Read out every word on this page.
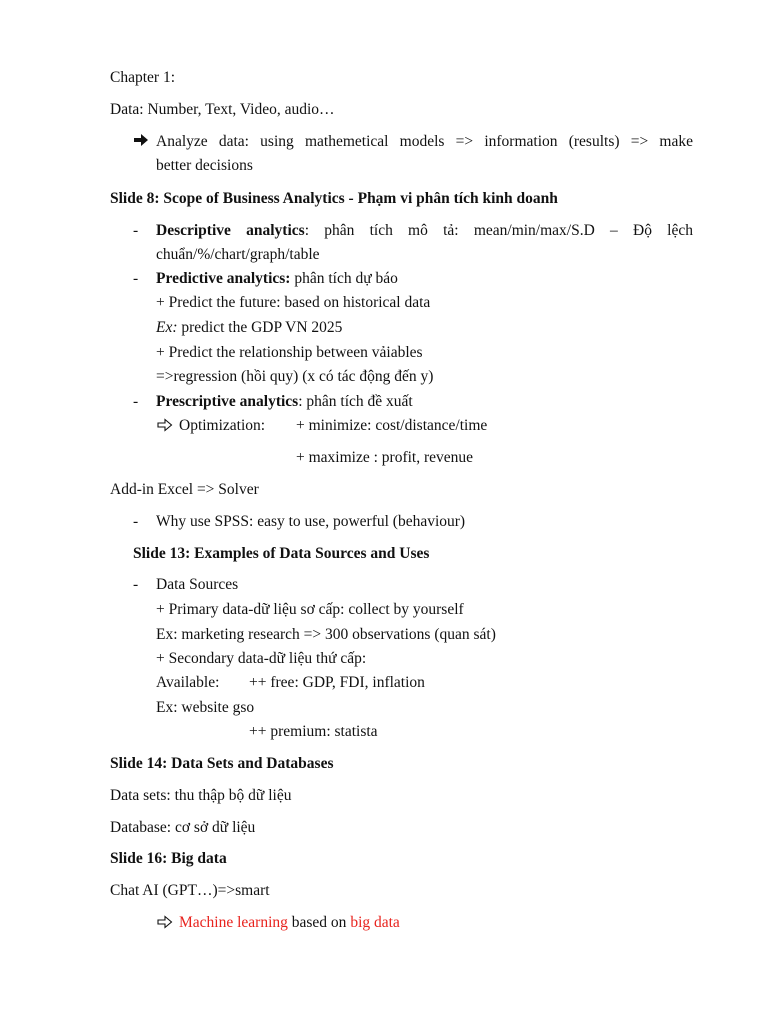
Chapter 1:
Data: Number, Text, Video, audio…
Analyze data: using mathemetical models => information (results) => make
better decisions
Slide 8: Scope of Business Analytics - Phạm vi phân tích kinh doanh
- Descriptive analytics: phân tích mô tả: mean/min/max/S.D – Độ lệch
chuẩn/%/chart/graph/table
- Predictive analytics: phân tích dự báo
+ Predict the future: based on historical data
Ex: predict the GDP VN 2025
+ Predict the relationship between vảiables
=>regression (hồi quy) (x có tác động đến y)
- Prescriptive analytics: phân tích đề xuất
Optimization: + minimize: cost/distance/time
+ maximize : profit, revenue
Add-in Excel => Solver
- Why use SPSS: easy to use, powerful (behaviour)
Slide 13: Examples of Data Sources and Uses
- Data Sources
+ Primary data-dữ liệu sơ cấp: collect by yourself
Ex: marketing research => 300 observations (quan sát)
+ Secondary data-dữ liệu thứ cấp:
Available: ++ free: GDP, FDI, inflation
Ex: website gso
++ premium: statista
Slide 14: Data Sets and Databases
Data sets: thu thập bộ dữ liệu
Database: cơ sở dữ liệu
Slide 16: Big data
Chat AI (GPT…)=>smart
Machine learning based on big data
